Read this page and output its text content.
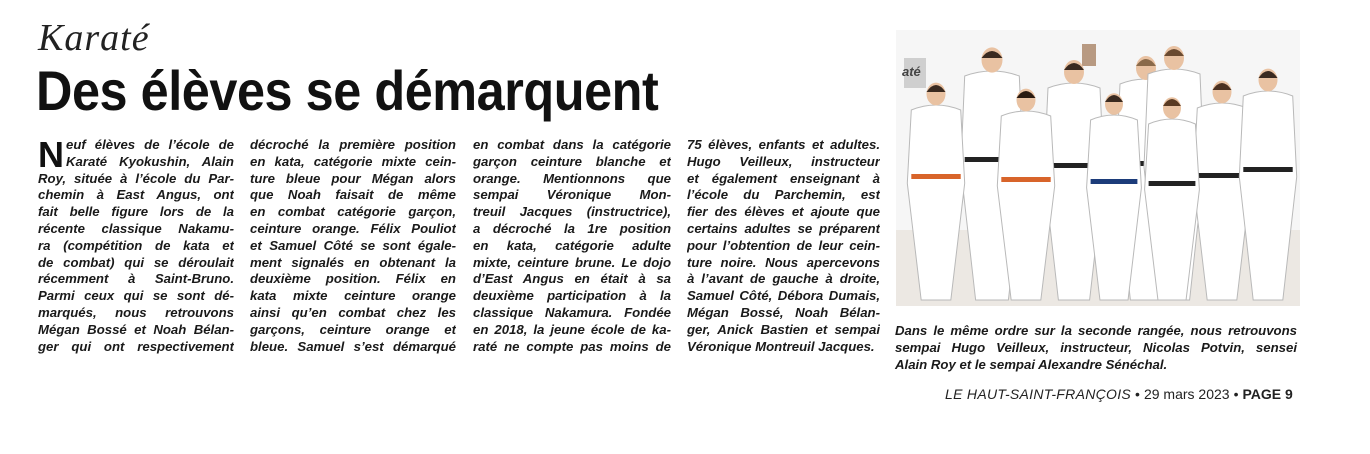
Karaté
Des élèves se démarquent
N euf élèves de l’école de
Karaté Kyokushin, Alain
Roy, située à l’école du Par-
chemin à East Angus, ont
fait belle figure lors de la
récente classique Nakamu-
ra (compétition de kata et
de combat) qui se déroulait
récemment à Saint-Bruno.
Parmi ceux qui se sont dé-
marqués, nous retrouvons
Mégan Bossé et Noah Bélan-
ger qui ont respectivement
décroché la première position
en kata, catégorie mixte cein-
ture bleue pour Mégan alors
que Noah faisait de même
en combat catégorie garçon,
ceinture orange. Félix Pouliot
et Samuel Côté se sont égale-
ment signalés en obtenant la
deuxième position. Félix en
kata mixte ceinture orange
ainsi qu’en combat chez les
garçons, ceinture orange et
bleue. Samuel s’est démarqué
en combat dans la catégorie
garçon ceinture blanche et
orange. Mentionnons que
sempai Véronique Mon-
treuil Jacques (instructrice),
a décroché la 1re position
en kata, catégorie adulte
mixte, ceinture brune. Le dojo
d’East Angus en était à sa
deuxième participation à la
classique Nakamura. Fondée
en 2018, la jeune école de ka-
raté ne compte pas moins de
75 élèves, enfants et adultes.
Hugo Veilleux, instructeur
et également enseignant à
l’école du Parchemin, est
fier des élèves et ajoute que
certains adultes se préparent
pour l’obtention de leur cein-
ture noire. Nous apercevons
à l’avant de gauche à droite,
Samuel Côté, Débora Dumais,
Mégan Bossé, Noah Bélan-
ger, Anick Bastien et sempai
Véronique Montreuil Jacques.
até
Dans le même ordre sur la seconde rangée, nous retrouvons
sempai Hugo Veilleux, instructeur, Nicolas Potvin, sensei
Alain Roy et le sempai Alexandre Sénéchal.
LE HAUT-SAINT-FRANÇOIS • 29 mars 2023 • PAGE 9
